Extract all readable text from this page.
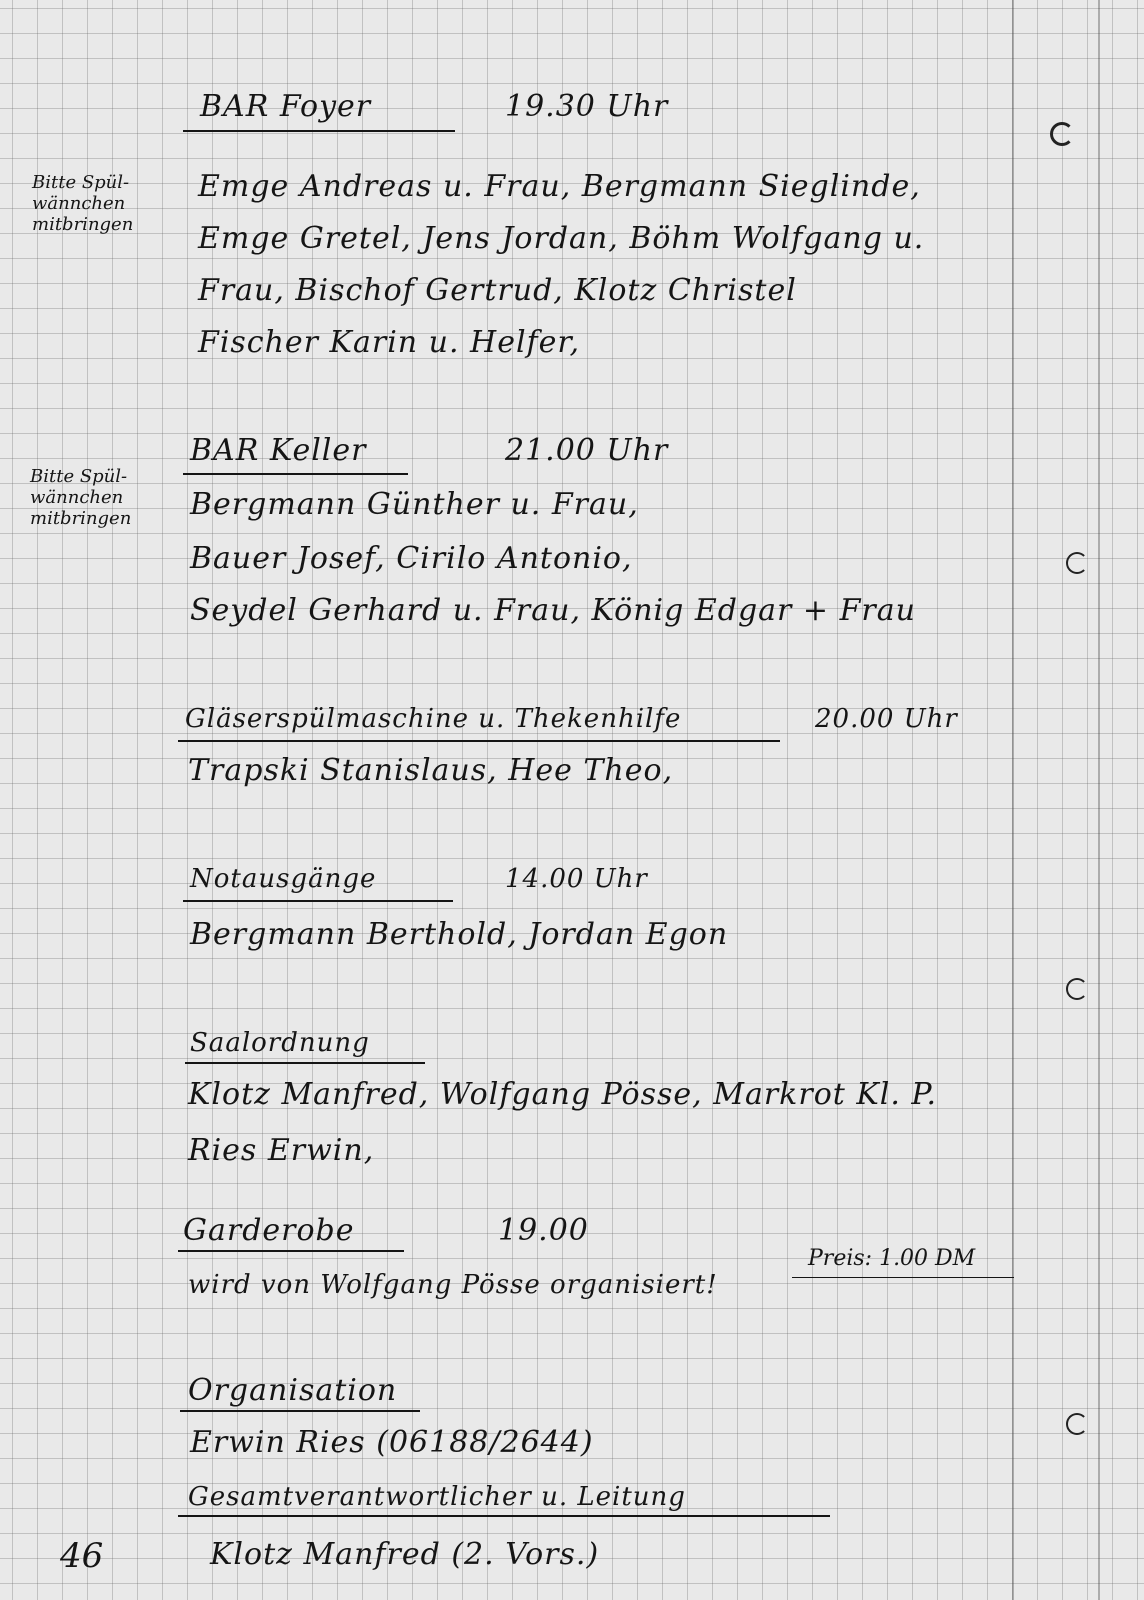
Bitte Spül-
wännchen
mitbringen
BAR Foyer	19.30 Uhr
Emge Andreas u. Frau, Bergmann Sieglinde,
Emge Gretel, Jens Jordan, Böhm Wolfgang u.
Frau, Bischof Gertrud, Klotz Christel
Fischer Karin u. Helfer,
Bitte Spül-
wännchen
mitbringen
BAR Keller	21.00 Uhr
Bergmann Günther u. Frau,
Bauer Josef, Cirilo Antonio,
Seydel Gerhard u. Frau, König Edgar + Frau
Gläserspülmaschine u. Thekenhilfe	20.00 Uhr
Trapski Stanislaus, Hee Theo,
Notausgänge	14.00 Uhr
Bergmann Berthold, Jordan Egon
Saalordnung
Klotz Manfred, Wolfgang Pösse, Markrot Kl. P.
Ries Erwin,
Garderobe	19.00
Preis: 1.00 DM
wird von Wolfgang Pösse organisiert!
Organisation
Erwin Ries (06188/2644)
Gesamtverantwortlicher u. Leitung
Klotz Manfred (2. Vors.)
46
